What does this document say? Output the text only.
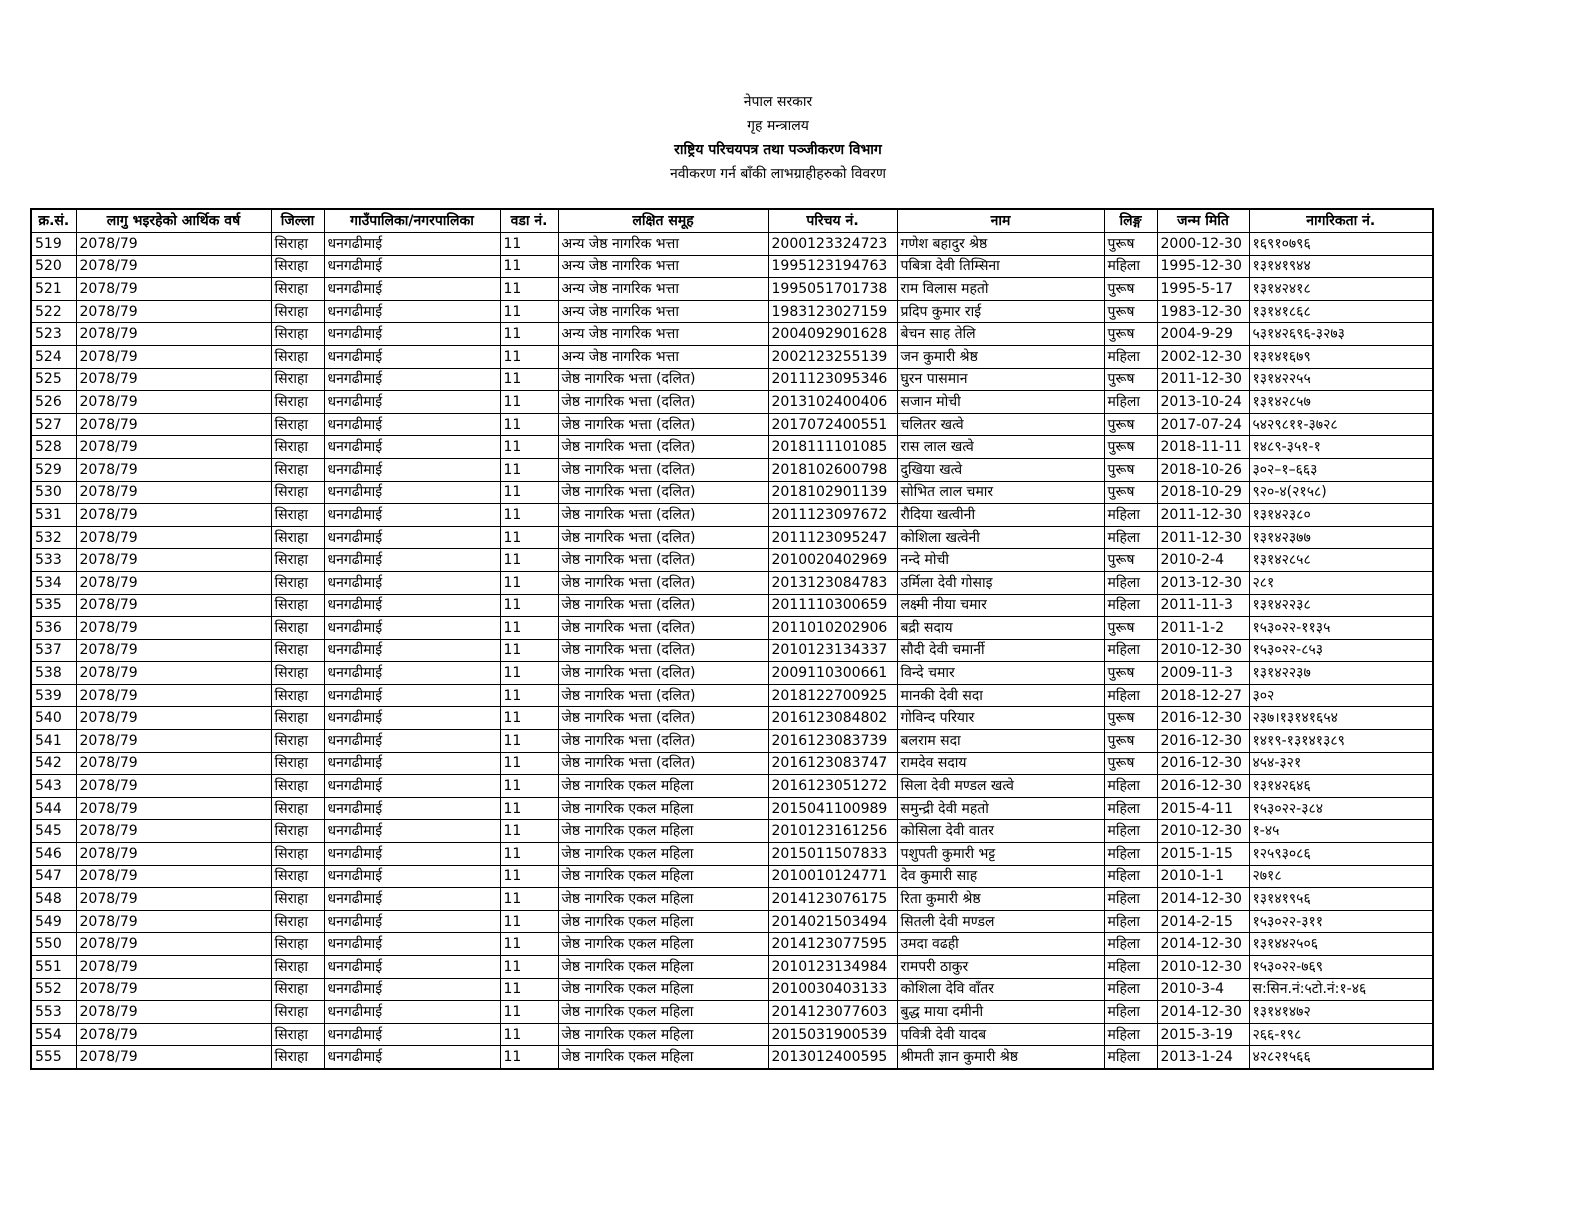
नेपाल सरकार
गृह मन्त्रालय
राष्ट्रिय परिचयपत्र तथा पञ्जीकरण विभाग
नवीकरण गर्न बाँकी लाभग्राहीहरुको विवरण
क्र.सं.	लागु भइरहेको आर्थिक वर्ष	जिल्ला	गाउँपालिका/नगरपालिका	वडा नं.	लक्षित समूह	परिचय नं.	नाम	लिङ्ग	जन्म मिति	नागरिकता नं.
519	2078/79	सिराहा	धनगढीमाई	11	अन्य जेष्ठ नागरिक भत्ता	2000123324723	गणेश बहादुर श्रेष्ठ	पुरूष	2000-12-30	१६९१०७९६
520	2078/79	सिराहा	धनगढीमाई	11	अन्य जेष्ठ नागरिक भत्ता	1995123194763	पबित्रा देवी तिम्सिना	महिला	1995-12-30	१३१४१९४४
521	2078/79	सिराहा	धनगढीमाई	11	अन्य जेष्ठ नागरिक भत्ता	1995051701738	राम विलास महतो	पुरूष	1995-5-17	१३१४२४१८
522	2078/79	सिराहा	धनगढीमाई	11	अन्य जेष्ठ नागरिक भत्ता	1983123027159	प्रदिप कुमार राई	पुरूष	1983-12-30	१३१४१८६८
523	2078/79	सिराहा	धनगढीमाई	11	अन्य जेष्ठ नागरिक भत्ता	2004092901628	बेचन साह तेलि	पुरूष	2004-9-29	५३१४२६९६-३२७३
524	2078/79	सिराहा	धनगढीमाई	11	अन्य जेष्ठ नागरिक भत्ता	2002123255139	जन कुमारी श्रेष्ठ	महिला	2002-12-30	१३१४१६७९
525	2078/79	सिराहा	धनगढीमाई	11	जेष्ठ नागरिक भत्ता (दलित)	2011123095346	घुरन पासमान	पुरूष	2011-12-30	१३१४२२५५
526	2078/79	सिराहा	धनगढीमाई	11	जेष्ठ नागरिक भत्ता (दलित)	2013102400406	सजान मोची	महिला	2013-10-24	१३१४२८५७
527	2078/79	सिराहा	धनगढीमाई	11	जेष्ठ नागरिक भत्ता (दलित)	2017072400551	चलितर खत्वे	पुरूष	2017-07-24	५४२९८११-३७२८
528	2078/79	सिराहा	धनगढीमाई	11	जेष्ठ नागरिक भत्ता (दलित)	2018111101085	रास लाल खत्वे	पुरूष	2018-11-11	१४८९-३५१-१
529	2078/79	सिराहा	धनगढीमाई	11	जेष्ठ नागरिक भत्ता (दलित)	2018102600798	दुखिया खत्वे	पुरूष	2018-10-26	३०२–१–६६३
530	2078/79	सिराहा	धनगढीमाई	11	जेष्ठ नागरिक भत्ता (दलित)	2018102901139	सोभित लाल चमार	पुरूष	2018-10-29	९२०-४(२१५८)
531	2078/79	सिराहा	धनगढीमाई	11	जेष्ठ नागरिक भत्ता (दलित)	2011123097672	रौदिया खत्वीनी	महिला	2011-12-30	१३१४२३८०
532	2078/79	सिराहा	धनगढीमाई	11	जेष्ठ नागरिक भत्ता (दलित)	2011123095247	कोशिला खत्वेनी	महिला	2011-12-30	१३१४२३७७
533	2078/79	सिराहा	धनगढीमाई	11	जेष्ठ नागरिक भत्ता (दलित)	2010020402969	नन्दे मोची	पुरूष	2010-2-4	१३१४२८५८
534	2078/79	सिराहा	धनगढीमाई	11	जेष्ठ नागरिक भत्ता (दलित)	2013123084783	उर्मिला देवी गोसाइ	महिला	2013-12-30	२८१
535	2078/79	सिराहा	धनगढीमाई	11	जेष्ठ नागरिक भत्ता (दलित)	2011110300659	लक्ष्मी नीया चमार	महिला	2011-11-3	१३१४२२३८
536	2078/79	सिराहा	धनगढीमाई	11	जेष्ठ नागरिक भत्ता (दलित)	2011010202906	बद्री सदाय	पुरूष	2011-1-2	१५३०२२-११३५
537	2078/79	सिराहा	धनगढीमाई	11	जेष्ठ नागरिक भत्ता (दलित)	2010123134337	सौदी देवी चमार्नी	महिला	2010-12-30	१५३०२२-८५३
538	2078/79	सिराहा	धनगढीमाई	11	जेष्ठ नागरिक भत्ता (दलित)	2009110300661	विन्दे चमार	पुरूष	2009-11-3	१३१४२२३७
539	2078/79	सिराहा	धनगढीमाई	11	जेष्ठ नागरिक भत्ता (दलित)	2018122700925	मानकी देवी सदा	महिला	2018-12-27	३०२
540	2078/79	सिराहा	धनगढीमाई	11	जेष्ठ नागरिक भत्ता (दलित)	2016123084802	गोविन्द परियार	पुरूष	2016-12-30	२३७।१३१४१६५४
541	2078/79	सिराहा	धनगढीमाई	11	जेष्ठ नागरिक भत्ता (दलित)	2016123083739	बलराम सदा	पुरूष	2016-12-30	१४१९-१३१४१३८९
542	2078/79	सिराहा	धनगढीमाई	11	जेष्ठ नागरिक भत्ता (दलित)	2016123083747	रामदेव सदाय	पुरूष	2016-12-30	४५४-३२१
543	2078/79	सिराहा	धनगढीमाई	11	जेष्ठ नागरिक एकल महिला	2016123051272	सिला देवी मण्डल खत्वे	महिला	2016-12-30	१३१४२६४६
544	2078/79	सिराहा	धनगढीमाई	11	जेष्ठ नागरिक एकल महिला	2015041100989	समुन्द्री देवी महतो	महिला	2015-4-11	१५३०२२-३८४
545	2078/79	सिराहा	धनगढीमाई	11	जेष्ठ नागरिक एकल महिला	2010123161256	कोसिला देवी वातर	महिला	2010-12-30	१-४५
546	2078/79	सिराहा	धनगढीमाई	11	जेष्ठ नागरिक एकल महिला	2015011507833	पशुपती कुमारी भट्ट	महिला	2015-1-15	१२५९३०८६
547	2078/79	सिराहा	धनगढीमाई	11	जेष्ठ नागरिक एकल महिला	2010010124771	देव कुमारी साह	महिला	2010-1-1	२७१८
548	2078/79	सिराहा	धनगढीमाई	11	जेष्ठ नागरिक एकल महिला	2014123076175	रिता कुमारी श्रेष्ठ	महिला	2014-12-30	१३१४१९५६
549	2078/79	सिराहा	धनगढीमाई	11	जेष्ठ नागरिक एकल महिला	2014021503494	सितली देवी मण्डल	महिला	2014-2-15	१५३०२२-३११
550	2078/79	सिराहा	धनगढीमाई	11	जेष्ठ नागरिक एकल महिला	2014123077595	उमदा वढही	महिला	2014-12-30	१३१४४२५०६
551	2078/79	सिराहा	धनगढीमाई	11	जेष्ठ नागरिक एकल महिला	2010123134984	रामपरी ठाकुर	महिला	2010-12-30	१५३०२२-७६९
552	2078/79	सिराहा	धनगढीमाई	11	जेष्ठ नागरिक एकल महिला	2010030403133	कोशिला देवि वाँतर	महिला	2010-3-4	स:सिन.नं:५टो.नं:१-४६
553	2078/79	सिराहा	धनगढीमाई	11	जेष्ठ नागरिक एकल महिला	2014123077603	बुद्ध माया दमीनी	महिला	2014-12-30	१३१४१४७२
554	2078/79	सिराहा	धनगढीमाई	11	जेष्ठ नागरिक एकल महिला	2015031900539	पवित्री देवी यादब	महिला	2015-3-19	२६६-१९८
555	2078/79	सिराहा	धनगढीमाई	11	जेष्ठ नागरिक एकल महिला	2013012400595	श्रीमती ज्ञान कुमारी श्रेष्ठ	महिला	2013-1-24	४२८२१५६६
